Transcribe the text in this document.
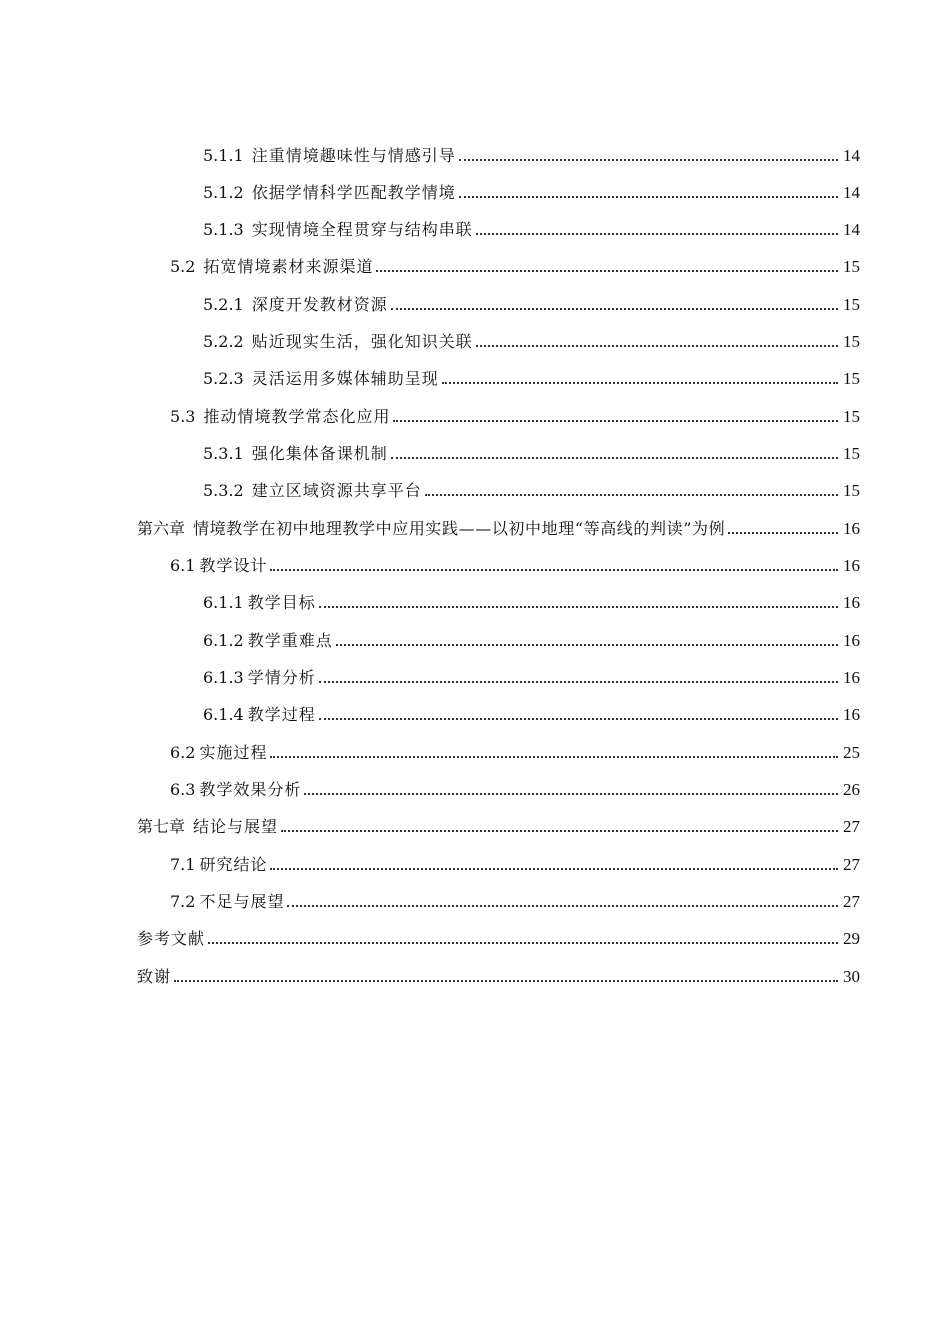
5.1.1 注重情境趣味性与情感引导	14
5.1.2 依据学情科学匹配教学情境	14
5.1.3 实现情境全程贯穿与结构串联	14
5.2 拓宽情境素材来源渠道	15
5.2.1 深度开发教材资源	15
5.2.2 贴近现实生活，强化知识关联	15
5.2.3 灵活运用多媒体辅助呈现	15
5.3 推动情境教学常态化应用	15
5.3.1 强化集体备课机制	15
5.3.2 建立区域资源共享平台	15
第六章 情境教学在初中地理教学中应用实践——以初中地理“等高线的判读”为例	16
6.1 教学设计	16
6.1.1 教学目标	16
6.1.2 教学重难点	16
6.1.3 学情分析	16
6.1.4 教学过程	16
6.2 实施过程	25
6.3 教学效果分析	26
第七章 结论与展望	27
7.1 研究结论	27
7.2 不足与展望	27
参考文献	29
致谢	30
